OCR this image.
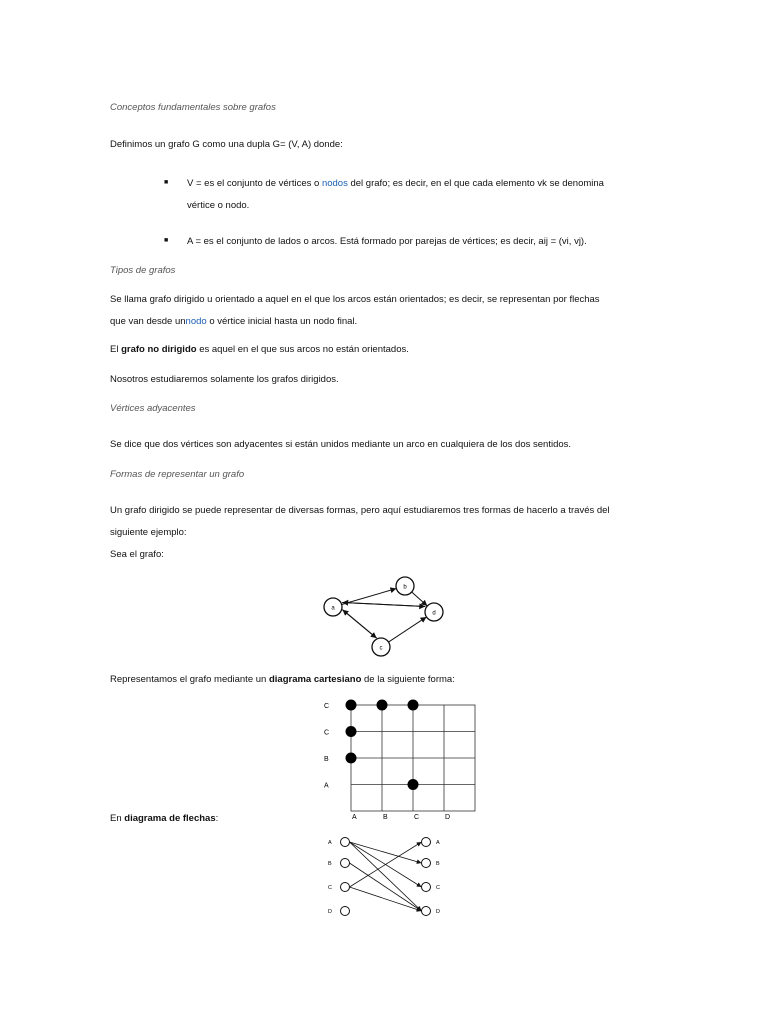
Conceptos fundamentales sobre grafos
Definimos un grafo G como una dupla G= (V, A) donde:
■ V = es el conjunto de vértices o nodos del grafo; es decir, en el que cada elemento vk se denomina
vértice o nodo.
■ A = es el conjunto de lados o arcos. Está formado por parejas de vértices; es decir, aij = (vi, vj).
Tipos de grafos
Se llama grafo dirigido u orientado a aquel en el que los arcos están orientados; es decir, se representan por flechas
que van desde unnodo o vértice inicial hasta un nodo final.
El grafo no dirigido es aquel en el que sus arcos no están orientados.
Nosotros estudiaremos solamente los grafos dirigidos.
Vértices adyacentes
Se dice que dos vértices son adyacentes si están unidos mediante un arco en cualquiera de los dos sentidos.
Formas de representar un grafo
Un grafo dirigido se puede representar de diversas formas, pero aquí estudiaremos tres formas de hacerlo a través del
siguiente ejemplo:
Sea el grafo:
a
b
c
d
Representamos el grafo mediante un diagrama cartesiano de la siguiente forma:
C
C
B
A
A	B	C	D
En diagrama de flechas:
A
B
C
D
A
B
C
D
